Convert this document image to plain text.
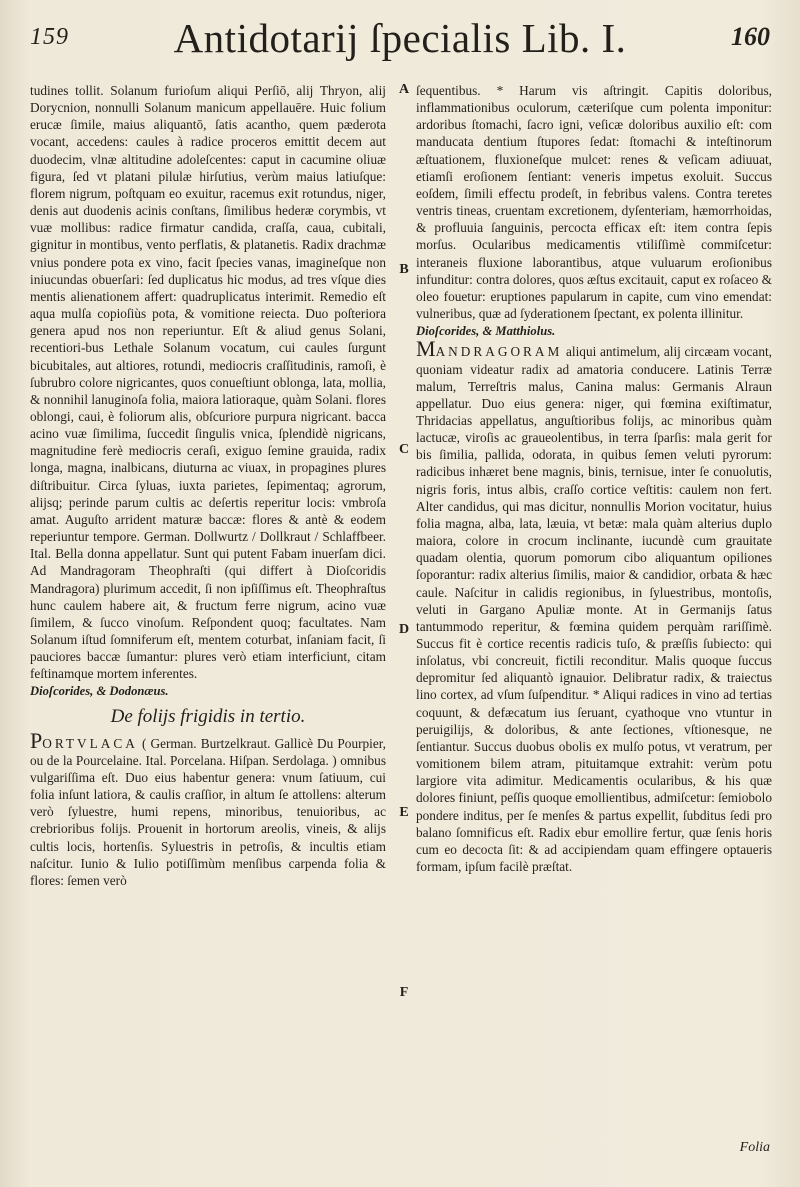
159	Antidotarij ſpecialis Lib. I.	160

tudines tollit. Solanum furioſum aliqui Perſiō, alij Thryon, alij Dorycnion, nonnulli Solanum manicum appellauēre. Huic folium erucæ ſimile, maius aliquantō, ſatis acantho, quem pæderota vocant, accedens: caules à radice proceros emittit decem aut duodecim, vlnæ altitudine adoleſcentes: caput in cacumine oliuæ figura, ſed vt platani pilulæ hirſutius, verùm maius latiuſque: florem nigrum, poſtquam eo exuitur, racemus exit rotundus, niger, denis aut duodenis acinis conſtans, ſimilibus hederæ corymbis, vt vuæ mollibus: radice firmatur candida, craſſa, caua, cubitali, gignitur in montibus, vento perflatis, & platanetis. Radix drachmæ vnius pondere pota ex vino, facit ſpecies vanas, imagineſque non iniucundas obuerſari: ſed duplicatus hic modus, ad tres vſque dies mentis alienationem affert: quadruplicatus interimit. Remedio eſt aqua mulſa copioſiùs pota, & vomitione reiecta. Duo poſteriora genera apud nos non reperiuntur. Eſt & aliud genus Solani, recentiori-bus Lethale Solanum vocatum, cui caules ſurgunt bicubitales, aut altiores, rotundi, mediocris craſſitudinis, ramoſi, è ſubrubro colore nigricantes, quos conueſtiunt oblonga, lata, mollia, & nonnihil lanuginoſa folia, maiora latioraque, quàm Solani. flores oblongi, caui, è foliorum alis, obſcuriore purpura nigricant. bacca acino vuæ ſimilima, ſuccedit ſingulis vnica, ſplendidè nigricans, magnitudine ferè mediocris ceraſi, exiguo ſemine grauida, radix longa, magna, inalbicans, diuturna ac viuax, in propagines plures diſtribuitur. Circa ſyluas, iuxta parietes, ſepimentaq; agrorum, alijsq; perinde parum cultis ac deſertis reperitur locis: vmbroſa amat. Auguſto arrident maturæ baccæ: flores & antè & eodem reperiuntur tempore. German. Dollwurtz / Dollkraut / Schlaffbeer. Ital. Bella donna appellatur. Sunt qui putent Fabam inuerſam dici. Ad Mandragoram Theophraſti (qui differt à Dioſcoridis Mandragora) plurimum accedit, ſi non ipſiſſimus eſt. Theophraſtus hunc caulem habere ait, & fructum ferre nigrum, acino vuæ ſimilem, & ſucco vinoſum. Reſpondent quoq; facultates. Nam Solanum iſtud ſomniferum eſt, mentem coturbat, inſaniam facit, ſi pauciores baccæ ſumantur: plures verò etiam interficiunt, citam feſtinamque mortem inferentes.

Dioſcorides, & Dodonæus.

De folijs frigidis in tertio.

PORTVLACA ( German. Burtzelkraut. Gallicè Du Pourpier, ou de la Pourcelaine. Ital. Porcelana. Hiſpan. Serdolaga. ) omnibus vulgariſſima eſt. Duo eius habentur genera: vnum ſatiuum, cui folia inſunt latiora, & caulis craſſior, in altum ſe attollens: alterum verò ſyluestre, humi repens, minoribus, tenuioribus, ac crebrioribus folijs. Prouenit in hortorum areolis, vineis, & alijs cultis locis, hortenſis. Syluestris in petroſis, & incultis etiam naſcitur. Iunio & Iulio potiſſimùm menſibus carpenda folia & flores: ſemen verò

A
B
C
D
E
F

ſequentibus. * Harum vis aſtringit. Capitis doloribus, inflammationibus oculorum, cæteriſque cum polenta imponitur: ardoribus ſtomachi, ſacro igni, veſicæ doloribus auxilio eſt: com manducata dentium ſtupores ſedat: ſtomachi & inteſtinorum æſtuationem, fluxioneſque mulcet: renes & veſicam adiuuat, etiamſi eroſionem ſentiant: veneris impetus exoluit. Succus eoſdem, ſimili effectu prodeſt, in febribus valens. Contra teretes ventris tineas, cruentam excretionem, dyſenteriam, hæmorrhoidas, & profluuia ſanguinis, percocta efficax eſt: item contra ſepis morſus. Ocularibus medicamentis vtiliſſimè commiſcetur: interaneis fluxione laborantibus, atque vuluarum eroſionibus infunditur: contra dolores, quos æſtus excitauit, caput ex roſaceo & oleo fouetur: eruptiones papularum in capite, cum vino emendat: vulneribus, quæ ad ſyderationem ſpectant, ex polenta illinitur.

Dioſcorides, & Matthiolus.

MANDRAGORAM aliqui antimelum, alij circæam vocant, quoniam videatur radix ad amatoria conducere. Latinis Terræ malum, Terreſtris malus, Canina malus: Germanis Alraun appellatur. Duo eius genera: niger, qui fœmina exiſtimatur, Thridacias appellatus, anguſtioribus folijs, ac minoribus quàm lactucæ, viroſis ac graueolentibus, in terra ſparſis: mala gerit for bis ſimilia, pallida, odorata, in quibus ſemen veluti pyrorum: radicibus inhæret bene magnis, binis, ternisue, inter ſe conuolutis, nigris foris, intus albis, craſſo cortice veſtitis: caulem non fert. Alter candidus, qui mas dicitur, nonnullis Morion vocitatur, huius folia magna, alba, lata, læuia, vt betæ: mala quàm alterius duplo maiora, colore in crocum inclinante, iucundè cum grauitate quadam olentia, quorum pomorum cibo aliquantum opiliones ſoporantur: radix alterius ſimilis, maior & candidior, orbata & hæc caule. Naſcitur in calidis regionibus, in ſyluestribus, montoſis, veluti in Gargano Apuliæ monte. At in Germanijs ſatus tantummodo reperitur, & fœmina quidem perquàm rariſſimè. Succus fit è cortice recentis radicis tuſo, & præſſis ſubiecto: qui inſolatus, vbi concreuit, fictili reconditur. Malis quoque ſuccus depromitur ſed aliquantò ignauior. Delibratur radix, & traiectus lino cortex, ad vſum ſuſpenditur. * Aliqui radices in vino ad tertias coquunt, & defæcatum ius ſeruant, cyathoque vno vtuntur in peruigilijs, & doloribus, & ante ſectiones, vſtionesque, ne ſentiantur. Succus duobus obolis ex mulſo potus, vt veratrum, per vomitionem bilem atram, pituitamque extrahit: verùm potu largiore vita adimitur. Medicamentis ocularibus, & his quæ dolores finiunt, peſſis quoque emollientibus, admiſcetur: ſemiobolo pondere inditus, per ſe menſes & partus expellit, ſubditus ſedi pro balano ſomnificus eſt. Radix ebur emollire fertur, quæ ſenis horis cum eo decocta ſit: & ad accipiendam quam effingere optaueris formam, ipſum facilè præſtat.

Folia
